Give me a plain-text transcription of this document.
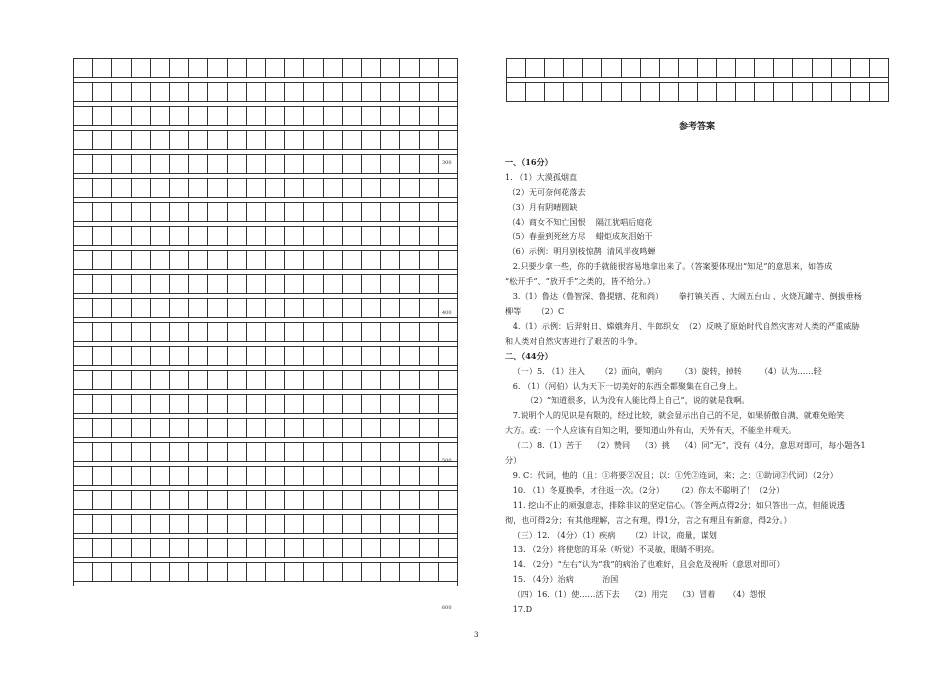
300
400
500
600
参考答案

一、（16分）

1. （1）大漠孤烟直

（2）无可奈何花落去

（3）月有阴晴圆缺

（4）商女不知亡国恨    隔江犹唱后庭花

（5）春蚕到死丝方尽    蜡炬成灰泪始干

（6）示例：明月别枝惊鹊  清风半夜鸣蝉

2.只要少拿一些，你的手就能很容易地拿出来了。（答案要体现出“知足”的意思来，如答成

“松开手”、“放开手”之类的，皆不给分。）

3.（1）鲁达（鲁智深、鲁提辖、花和尚）      拳打镇关西 、大闹五台山 、火烧瓦罐寺、倒拔垂杨

柳等      （2）C

4.（1）示例：后羿射日、嫦娥奔月、牛郎织女  （2）反映了原始时代自然灾害对人类的严重威胁

和人类对自然灾害进行了艰苦的斗争。

二、（44分）

（一）5. （1）注入      （2）面向，朝向       （3）旋转，掉转       （4）认为……轻

6. （1）（河伯）认为天下一切美好的东西全都聚集在自己身上。

（2）“知道很多，认为没有人能比得上自己”，说的就是我啊。

7.说明个人的见识是有限的，经过比较，就会显示出自己的不足，如果骄傲自满，就难免贻笑

大方。或：一个人应该有自知之明，要知道山外有山，天外有天，不能坐井观天。

（二）8.（1）苦于    （2）赞同    （3）挑    （4）同“无”，没有（4分，意思对即可，每小题各1

分）

9. C：代词，他的（且：①将要②况且；以：①凭②连词，来；之：①助词②代词）（2分）

10. （1）冬夏换季，才往返一次。（2分）     （2）你太不聪明了！（2分）

11. 挖山不止的顽强意志，排除非议的坚定信心。（答全两点得2分；如只答出一点，但能说透

彻，也可得2分；有其他理解，言之有理，得1分，言之有理且有新意，得2分。）

（三）12. （4分）（1）疾病      （2）计议，商量，谋划

13. （2分）将使您的耳朵（听觉）不灵敏，眼睛不明亮。

14. （2分）“左右”认为“我”的病治了也难好，且会危及视听（意思对即可）

15. （4分）治病           治国

（四）16.（1）使……活下去    （2）用完    （3）冒着     （4）怨恨

17.D

3
